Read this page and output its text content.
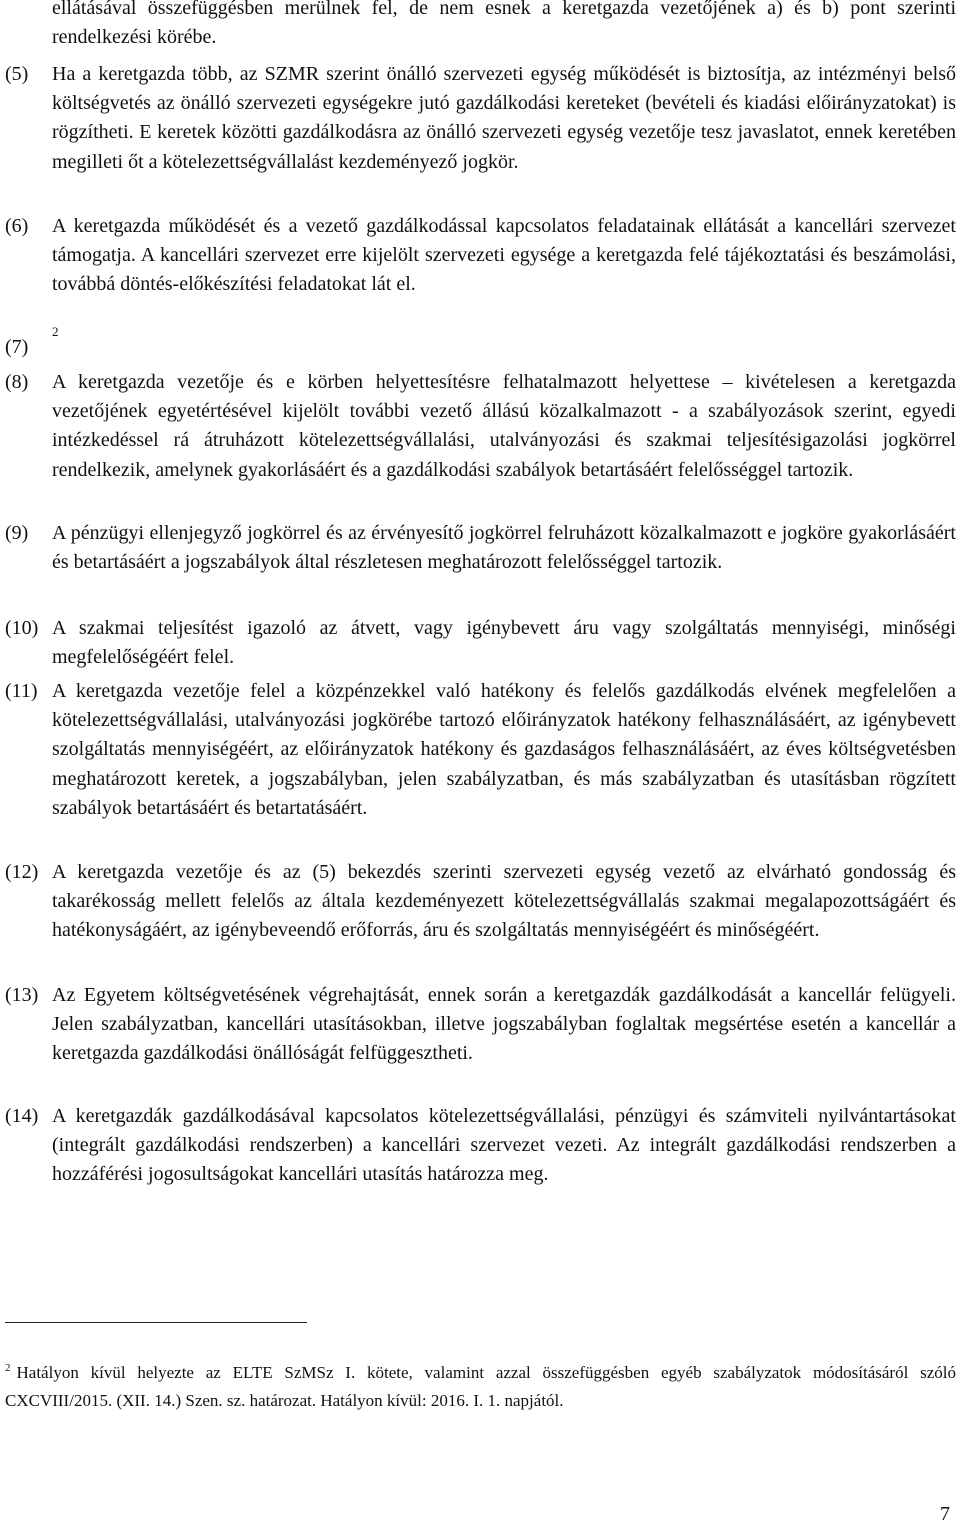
ellátásával összefüggésben merülnek fel, de nem esnek a keretgazda vezetőjének a) és b) pont szerinti rendelkezési körébe.

(5) Ha a keretgazda több, az SZMR szerint önálló szervezeti egység működését is biztosítja, az intézményi belső költségvetés az önálló szervezeti egységekre jutó gazdálkodási kereteket (bevételi és kiadási előirányzatokat) is rögzítheti. E keretek közötti gazdálkodásra az önálló szervezeti egység vezetője tesz javaslatot, ennek keretében megilleti őt a kötelezettségvállalást kezdeményező jogkör.
(6) A keretgazda működését és a vezető gazdálkodással kapcsolatos feladatainak ellátását a kancellári szervezet támogatja. A kancellári szervezet erre kijelölt szervezeti egysége a keretgazda felé tájékoztatási és beszámolási, továbbá döntés-előkészítési feladatokat lát el.
(7)
$^2$
(8) A keretgazda vezetője és e körben helyettesítésre felhatalmazott helyettese – kivételesen a keretgazda vezetőjének egyetértésével kijelölt további vezető állású közalkalmazott - a szabályozások szerint, egyedi intézkedéssel rá átruházott kötelezettségvállalási, utalványozási és szakmai teljesítésigazolási jogkörrel rendelkezik, amelynek gyakorlásáért és a gazdálkodási szabályok betartásáért felelősséggel tartozik.
(9) A pénzügyi ellenjegyző jogkörrel és az érvényesítő jogkörrel felruházott közalkalmazott e jogköre gyakorlásáért és betartásáért a jogszabályok által részletesen meghatározott felelősséggel tartozik.
(10) A szakmai teljesítést igazoló az átvett, vagy igénybevett áru vagy szolgáltatás mennyiségi, minőségi megfelelőségéért felel.
(11) A keretgazda vezetője felel a közpénzekkel való hatékony és felelős gazdálkodás elvének megfelelően a kötelezettségvállalási, utalványozási jogkörébe tartozó előirányzatok hatékony felhasználásáért, az igénybevett szolgáltatás mennyiségéért, az előirányzatok hatékony és gazdaságos felhasználásáért, az éves költségvetésben meghatározott keretek, a jogszabályban, jelen szabályzatban, és más szabályzatban és utasításban rögzített szabályok betartásáért és betartatásáért.
(12) A keretgazda vezetője és az (5) bekezdés szerinti szervezeti egység vezető az elvárható gondosság és takarékosság mellett felelős az általa kezdeményezett kötelezettségvállalás szakmai megalapozottságáért és hatékonyságáért, az igénybeveendő erőforrás, áru és szolgáltatás mennyiségéért és minőségéért.
(13) Az Egyetem költségvetésének végrehajtását, ennek során a keretgazdák gazdálkodását a kancellár felügyeli. Jelen szabályzatban, kancellári utasításokban, illetve jogszabályban foglaltak megsértése esetén a kancellár a keretgazda gazdálkodási önállóságát felfüggesztheti.
(14) A keretgazdák gazdálkodásával kapcsolatos kötelezettségvállalási, pénzügyi és számviteli nyilvántartásokat (integrált gazdálkodási rendszerben) a kancellári szervezet vezeti. Az integrált gazdálkodási rendszerben a hozzáférési jogosultságokat kancellári utasítás határozza meg.
$^2$ Hatályon kívül helyezte az ELTE SzMSz I. kötete, valamint azzal összefüggésben egyéb szabályzatok módosításáról szóló CXCVIII/2015. (XII. 14.) Szen. sz. határozat. Hatályon kívül: 2016. I. 1. napjától.
7
